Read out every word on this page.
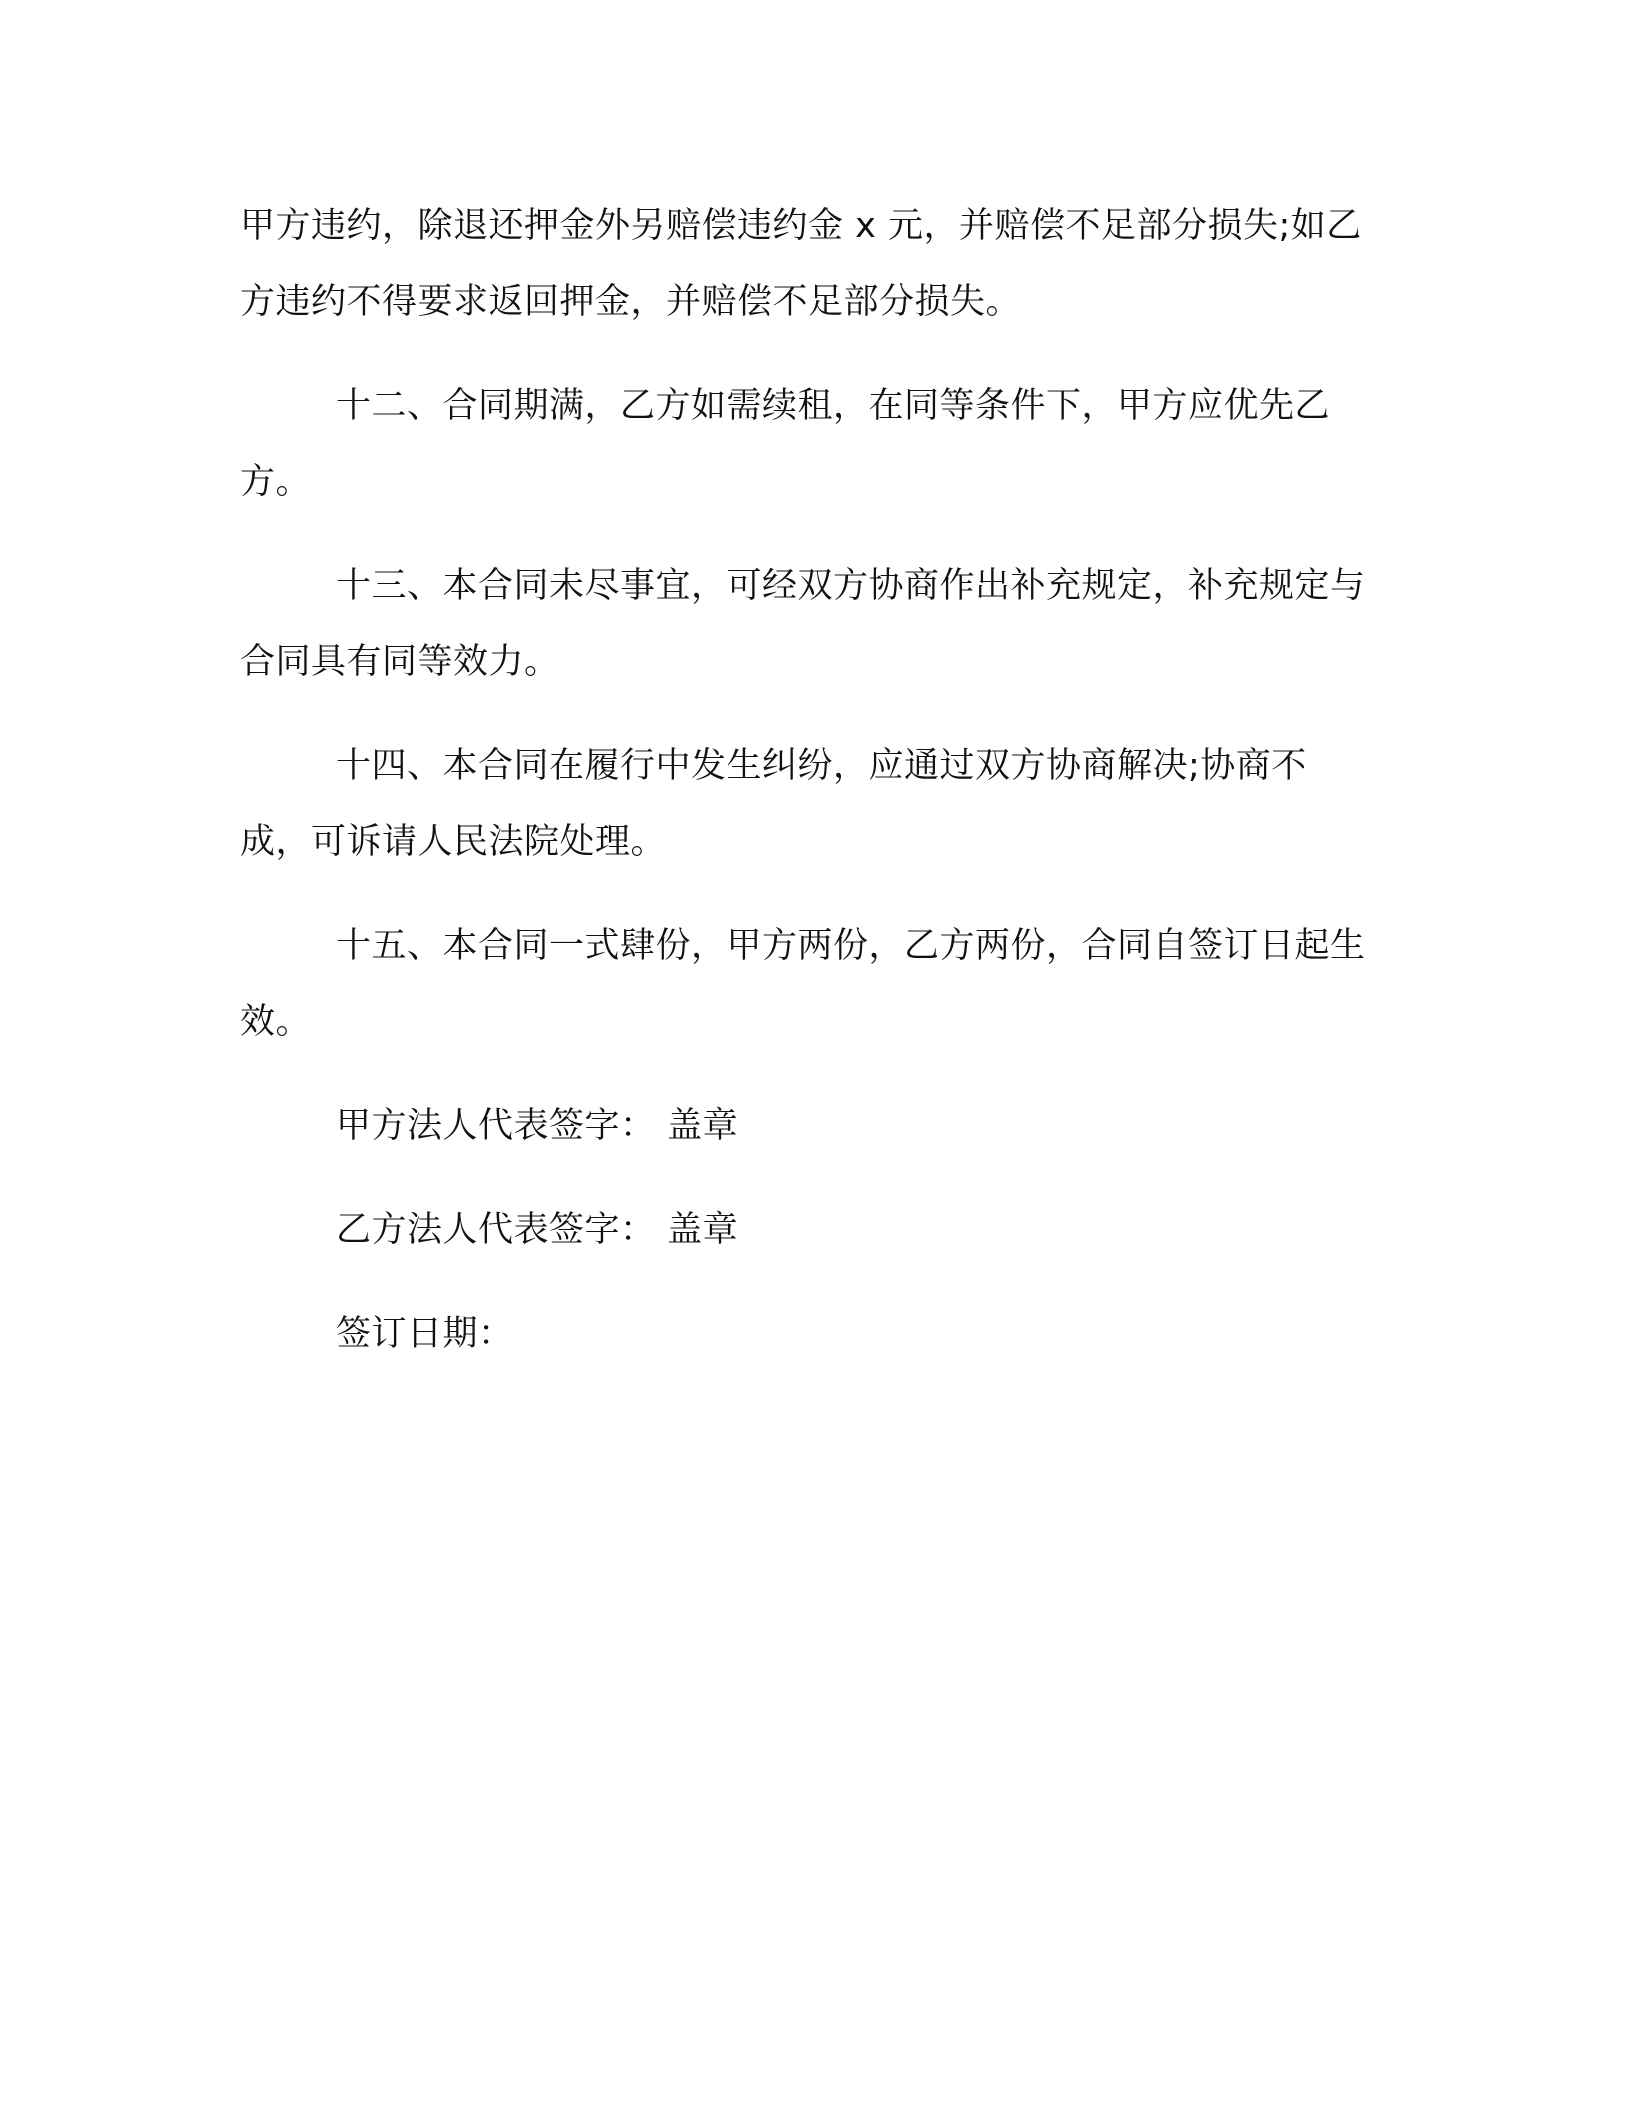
甲方违约，除退还押金外另赔偿违约金 x 元，并赔偿不足部分损失;如乙方违约不得要求返回押金，并赔偿不足部分损失。

十二、合同期满，乙方如需续租，在同等条件下，甲方应优先乙方。

十三、本合同未尽事宜，可经双方协商作出补充规定，补充规定与合同具有同等效力。

十四、本合同在履行中发生纠纷，应通过双方协商解决;协商不成，可诉请人民法院处理。

十五、本合同一式肆份，甲方两份，乙方两份，合同自签订日起生效。

甲方法人代表签字： 盖章

乙方法人代表签字： 盖章

签订日期：
